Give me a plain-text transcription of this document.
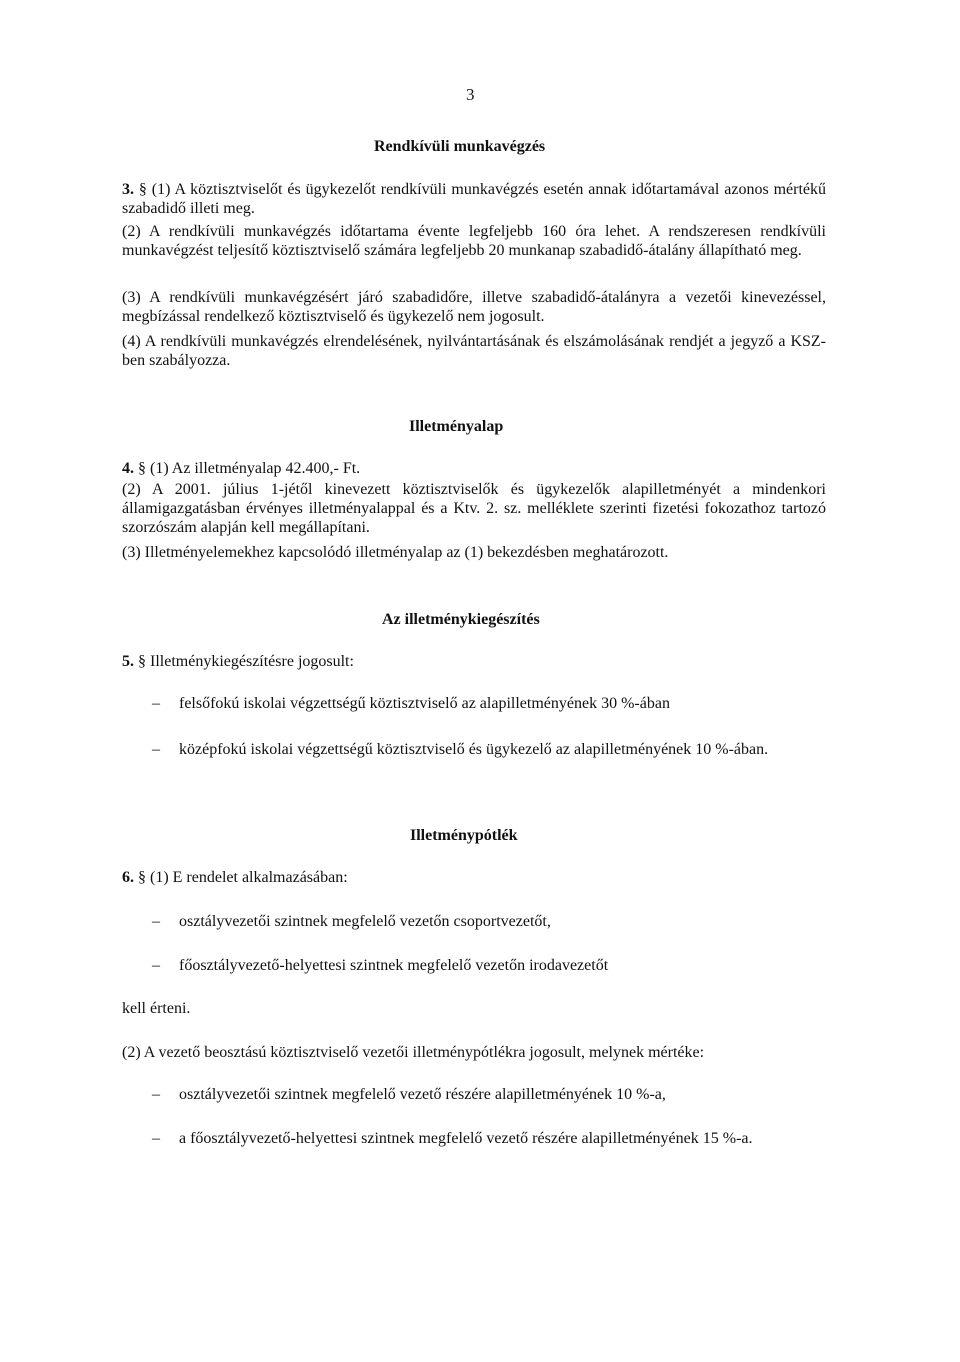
3
Rendkívüli munkavégzés
3. § (1) A köztisztviselőt és ügykezelőt rendkívüli munkavégzés esetén annak időtartamával azonos mértékű szabadidő illeti meg.
(2) A rendkívüli munkavégzés időtartama évente legfeljebb 160 óra lehet. A rendszeresen rendkívüli munkavégzést teljesítő köztisztviselő számára legfeljebb 20 munkanap szabadidő-átalány állapítható meg.
(3) A rendkívüli munkavégzésért járó szabadidőre, illetve szabadidő-átalányra a vezetői kinevezéssel, megbízással rendelkező köztisztviselő és ügykezelő nem jogosult.
(4) A rendkívüli munkavégzés elrendelésének, nyilvántartásának és elszámolásának rendjét a jegyző a KSZ-ben szabályozza.
Illetményalap
4. § (1) Az illetményalap 42.400,- Ft.
(2) A 2001. július 1-jétől kinevezett köztisztviselők és ügykezelők alapilletményét a mindenkori államigazgatásban érvényes illetményalappal és a Ktv. 2. sz. melléklete szerinti fizetési fokozathoz tartozó szorzószám alapján kell megállapítani.
(3) Illetményelemekhez kapcsolódó illetményalap az (1) bekezdésben meghatározott.
Az illetménykiegészítés
5. § Illetménykiegészítésre jogosult:
– felsőfokú iskolai végzettségű köztisztviselő az alapilletményének 30 %-ában
– középfokú iskolai végzettségű köztisztviselő és ügykezelő az alapilletményének 10 %-ában.
Illetménypótlék
6. § (1) E rendelet alkalmazásában:
– osztályvezetői szintnek megfelelő vezetőn csoportvezetőt,
– főosztályvezető-helyettesi szintnek megfelelő vezetőn irodavezetőt
kell érteni.
(2) A vezető beosztású köztisztviselő vezetői illetménypótlékra jogosult, melynek mértéke:
– osztályvezetői szintnek megfelelő vezető részére alapilletményének 10 %-a,
– a főosztályvezető-helyettesi szintnek megfelelő vezető részére alapilletményének 15 %-a.
